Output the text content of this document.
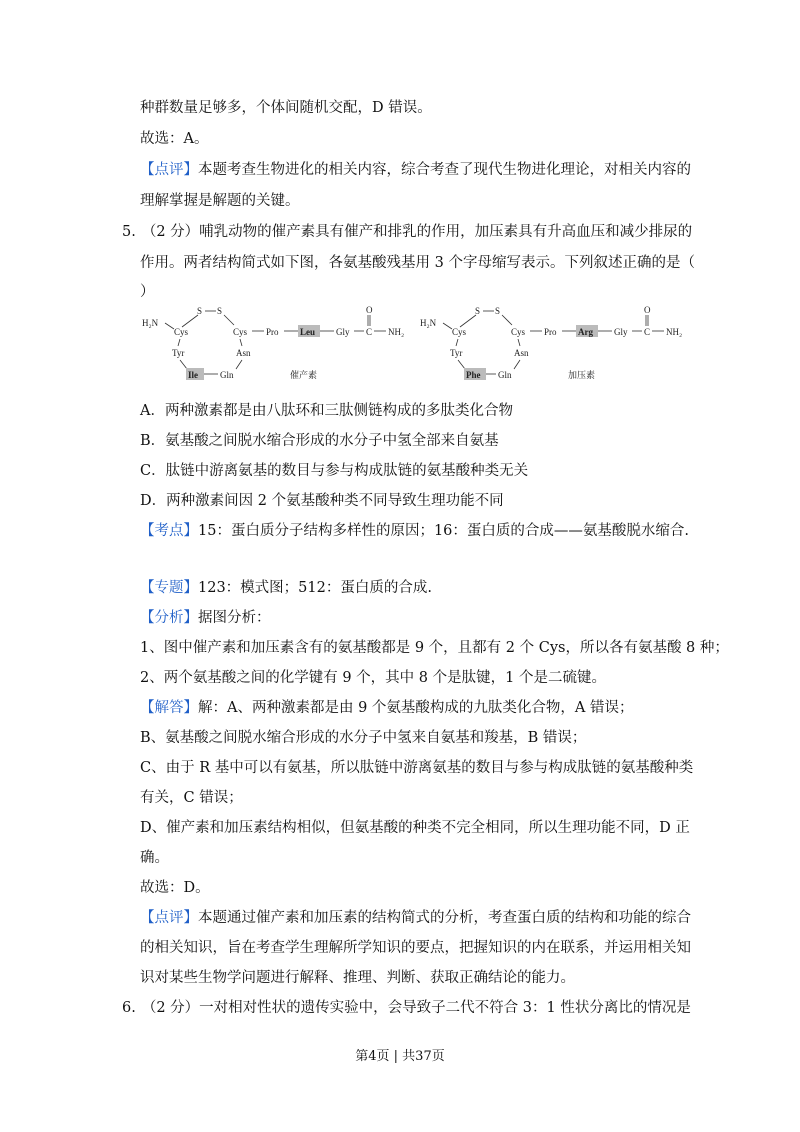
种群数量足够多，个体间随机交配，D 错误。
故选：A。
【点评】本题考查生物进化的相关内容，综合考查了现代生物进化理论，对相关内容的
理解掌握是解题的关键。
5. （2 分）哺乳动物的催产素具有催产和排乳的作用，加压素具有升高血压和减少排尿的
作用。两者结构简式如下图，各氨基酸残基用 3 个字母缩写表示。下列叙述正确的是（
）
H₂N
Cys
S S
Cys Pro Leu Gly C
O
NH₂
Tyr	Asn
Ile Gln	催产素
H₂N
Cys
S S
Cys Pro Arg Gly C
O
NH₂
Tyr	Asn
Phe Gln	加压素
A．两种激素都是由八肽环和三肽侧链构成的多肽类化合物
B．氨基酸之间脱水缩合形成的水分子中氢全部来自氨基
C．肽链中游离氨基的数目与参与构成肽链的氨基酸种类无关
D．两种激素间因 2 个氨基酸种类不同导致生理功能不同
【考点】15：蛋白质分子结构多样性的原因；16：蛋白质的合成——氨基酸脱水缩合.
【专题】123：模式图；512：蛋白质的合成.
【分析】据图分析：
1、图中催产素和加压素含有的氨基酸都是 9 个，且都有 2 个 Cys，所以各有氨基酸 8 种；
2、两个氨基酸之间的化学键有 9 个，其中 8 个是肽键，1 个是二硫键。
【解答】解：A、两种激素都是由 9 个氨基酸构成的九肽类化合物，A 错误；
B、氨基酸之间脱水缩合形成的水分子中氢来自氨基和羧基，B 错误；
C、由于 R 基中可以有氨基，所以肽链中游离氨基的数目与参与构成肽链的氨基酸种类
有关，C 错误；
D、催产素和加压素结构相似，但氨基酸的种类不完全相同，所以生理功能不同，D 正
确。
故选：D。
【点评】本题通过催产素和加压素的结构简式的分析，考查蛋白质的结构和功能的综合
的相关知识，旨在考查学生理解所学知识的要点，把握知识的内在联系，并运用相关知
识对某些生物学问题进行解释、推理、判断、获取正确结论的能力。
6. （2 分）一对相对性状的遗传实验中，会导致子二代不符合 3：1 性状分离比的情况是
第4页 | 共37页
